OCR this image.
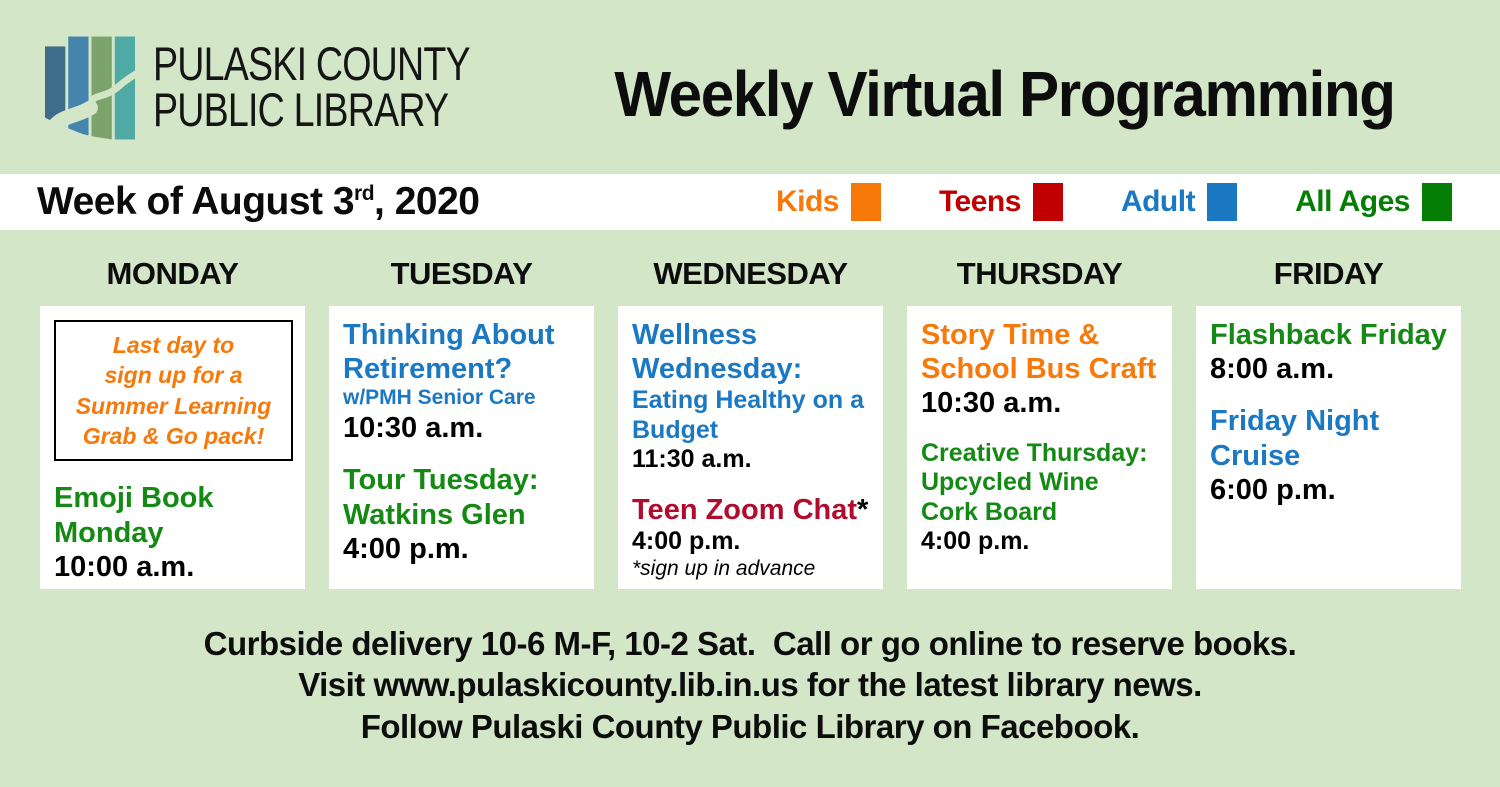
PULASKI COUNTY
PUBLIC LIBRARY	Weekly Virtual Programming
Week of August 3rd, 2020	Kids	Teens	Adult	All Ages
MONDAY
Last day to
sign up for a
Summer Learning
Grab & Go pack!
Emoji Book Monday
10:00 a.m.
TUESDAY
Thinking About Retirement?
w/PMH Senior Care
10:30 a.m.
Tour Tuesday: Watkins Glen
4:00 p.m.
WEDNESDAY
Wellness Wednesday:
Eating Healthy on a Budget
11:30 a.m.
Teen Zoom Chat*
4:00 p.m.
*sign up in advance
THURSDAY
Story Time & School Bus Craft
10:30 a.m.
Creative Thursday: Upcycled Wine Cork Board
4:00 p.m.
FRIDAY
Flashback Friday
8:00 a.m.
Friday Night Cruise
6:00 p.m.
Curbside delivery 10-6 M-F, 10-2 Sat.  Call or go online to reserve books.
Visit www.pulaskicounty.lib.in.us for the latest library news.
Follow Pulaski County Public Library on Facebook.
